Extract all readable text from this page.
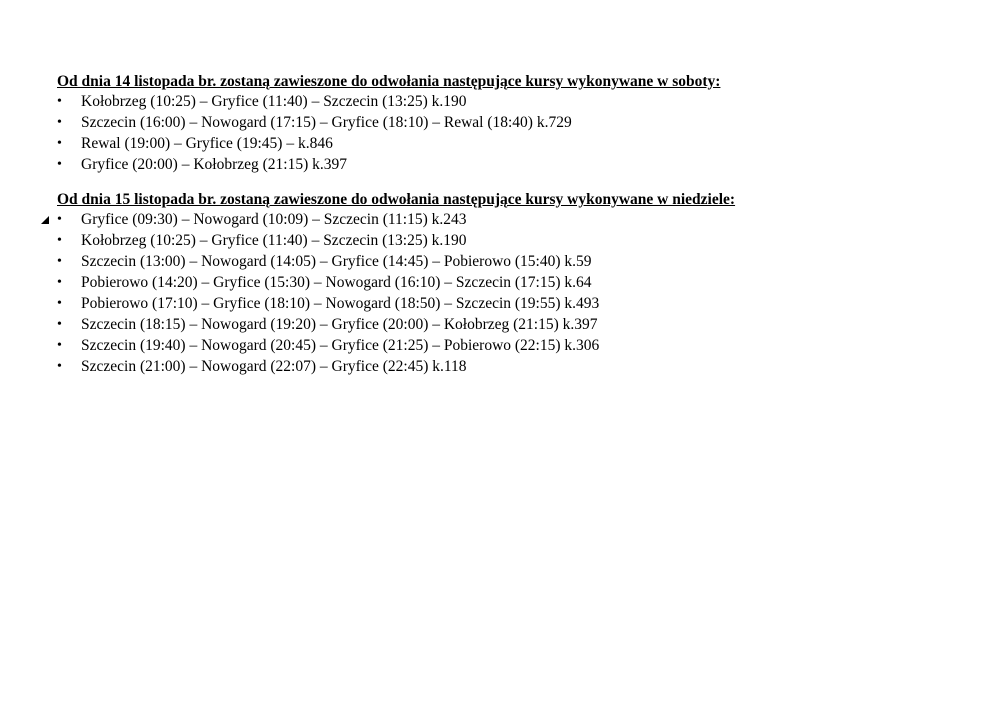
Od dnia 14 listopada br. zostaną zawieszone do odwołania następujące kursy wykonywane w soboty:

•	Kołobrzeg (10:25) – Gryfice (11:40) – Szczecin (13:25) k.190
•	Szczecin (16:00) – Nowogard (17:15) – Gryfice (18:10) – Rewal (18:40) k.729
•	Rewal (19:00) – Gryfice (19:45) – k.846
•	Gryfice (20:00) – Kołobrzeg (21:15) k.397

Od dnia 15 listopada br. zostaną zawieszone do odwołania następujące kursy wykonywane w niedziele:

•	Gryfice (09:30) – Nowogard (10:09) – Szczecin (11:15) k.243
•	Kołobrzeg (10:25) – Gryfice (11:40) – Szczecin (13:25) k.190
•	Szczecin (13:00) – Nowogard (14:05) – Gryfice (14:45) – Pobierowo (15:40) k.59
•	Pobierowo (14:20) – Gryfice (15:30) – Nowogard (16:10) – Szczecin (17:15) k.64
•	Pobierowo (17:10) – Gryfice (18:10) – Nowogard (18:50) – Szczecin (19:55) k.493
•	Szczecin (18:15) – Nowogard (19:20) – Gryfice (20:00) – Kołobrzeg (21:15) k.397
•	Szczecin (19:40) – Nowogard (20:45) – Gryfice (21:25) – Pobierowo (22:15) k.306
•	Szczecin (21:00) – Nowogard (22:07) – Gryfice (22:45) k.118
